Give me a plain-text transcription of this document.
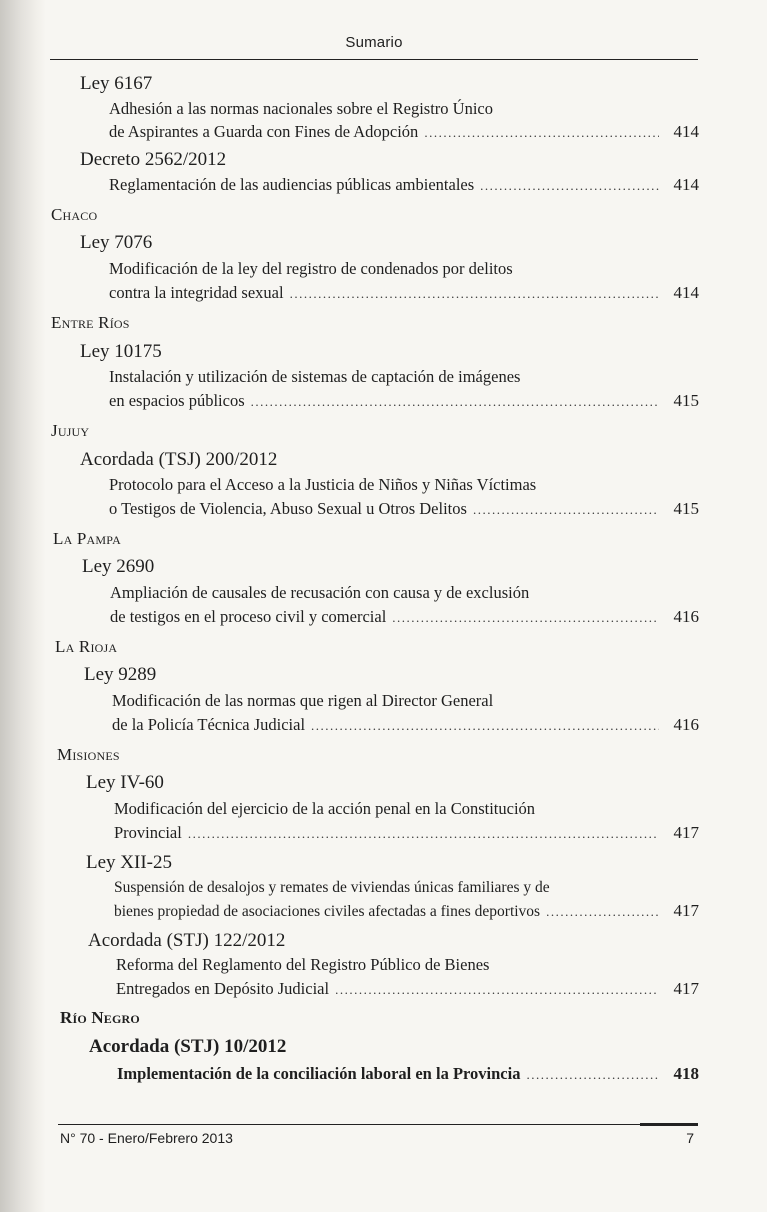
Sumario
Ley 6167
Adhesión a las normas nacionales sobre el Registro Único
de Aspirantes a Guarda con Fines de Adopción .....	414
Decreto 2562/2012
Reglamentación de las audiencias públicas ambientales .....	414
Chaco
Ley 7076
Modificación de la ley del registro de condenados por delitos
contra la integridad sexual .....	414
Entre Ríos
Ley 10175
Instalación y utilización de sistemas de captación de imágenes
en espacios públicos .....	415
Jujuy
Acordada (TSJ) 200/2012
Protocolo para el Acceso a la Justicia de Niños y Niñas Víctimas
o Testigos de Violencia, Abuso Sexual u Otros Delitos .....	415
La Pampa
Ley 2690
Ampliación de causales de recusación con causa y de exclusión
de testigos en el proceso civil y comercial .....	416
La Rioja
Ley 9289
Modificación de las normas que rigen al Director General
de la Policía Técnica Judicial .....	416
Misiones
Ley IV-60
Modificación del ejercicio de la acción penal en la Constitución
Provincial .....	417
Ley XII-25
Suspensión de desalojos y remates de viviendas únicas familiares y de
bienes propiedad de asociaciones civiles afectadas a fines deportivos .....	417
Acordada (STJ) 122/2012
Reforma del Reglamento del Registro Público de Bienes
Entregados en Depósito Judicial .....	417
Río Negro
Acordada (STJ) 10/2012
Implementación de la conciliación laboral en la Provincia .....	418
N° 70 - Enero/Febrero 2013	7
